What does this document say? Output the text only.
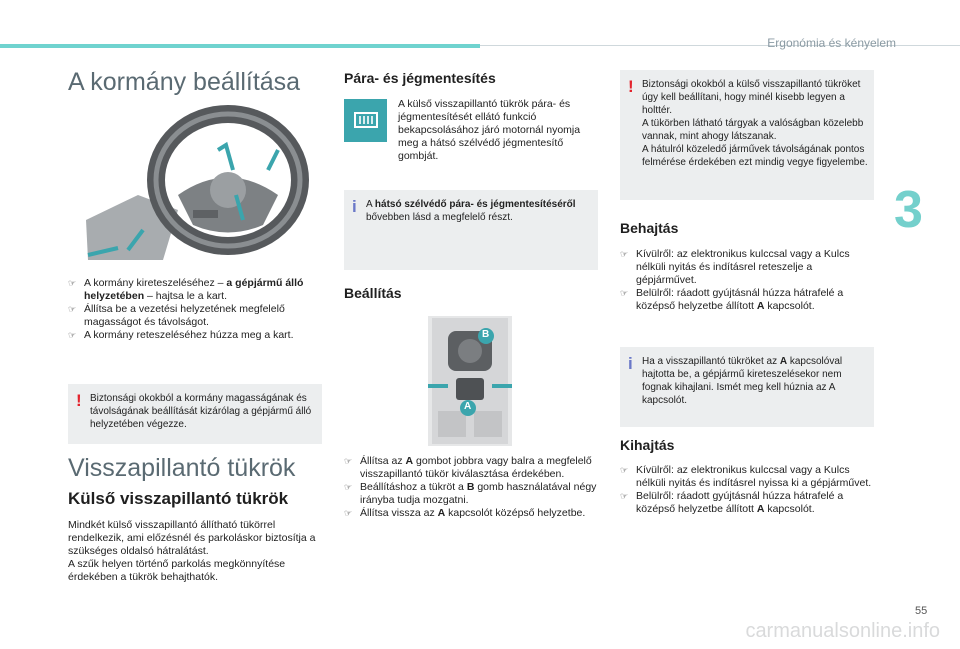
Ergonómia és kényelem
3
A kormány beállítása
☞ A kormány kireteszeléséhez – a gépjármű álló helyzetében – hajtsa le a kart.
☞ Állítsa be a vezetési helyzetének megfelelő magasságot és távolságot.
☞ A kormány reteszeléséhez húzza meg a kart.
! Biztonsági okokból a kormány magasságának és távolságának beállítását kizárólag a gépjármű álló helyzetében végezze.
Visszapillantó tükrök
Külső visszapillantó tükrök
Mindkét külső visszapillantó állítható tükörrel rendelkezik, ami előzésnél és parkoláskor biztosítja a szükséges oldalsó hátralátást.
A szűk helyen történő parkolás megkönnyítése érdekében a tükrök behajthatók.
Pára- és jégmentesítés
A külső visszapillantó tükrök pára- és jégmentesítését ellátó funkció bekapcsolásához járó motornál nyomja meg a hátsó szélvédő jégmentesítő gombját.
i A hátsó szélvédő pára- és jégmentesítéséről bővebben lásd a megfelelő részt.
Beállítás
B
A
☞ Állítsa az A gombot jobbra vagy balra a megfelelő visszapillantó tükör kiválasztása érdekében.
☞ Beállításhoz a tükröt a B gomb használatával négy irányba tudja mozgatni.
☞ Állítsa vissza az A kapcsolót középső helyzetbe.
! Biztonsági okokból a külső visszapillantó tükröket úgy kell beállítani, hogy minél kisebb legyen a holttér.
A tükörben látható tárgyak a valóságban közelebb vannak, mint ahogy látszanak.
A hátulról közeledő járművek távolságának pontos felmérése érdekében ezt mindig vegye figyelembe.
Behajtás
☞ Kívülről: az elektronikus kulccsal vagy a Kulcs nélküli nyitás és indításrel reteszelje a gépjárművet.
☞ Belülről: ráadott gyújtásnál húzza hátrafelé a középső helyzetbe állított A kapcsolót.
i Ha a visszapillantó tükröket az A kapcsolóval hajtotta be, a gépjármű kireteszelésekor nem fognak kihajlani. Ismét meg kell húznia az A kapcsolót.
Kihajtás
☞ Kívülről: az elektronikus kulccsal vagy a Kulcs nélküli nyitás és indításrel nyissa ki a gépjárművet.
☞ Belülről: ráadott gyújtásnál húzza hátrafelé a középső helyzetbe állított A kapcsolót.
55
carmanualsonline.info
